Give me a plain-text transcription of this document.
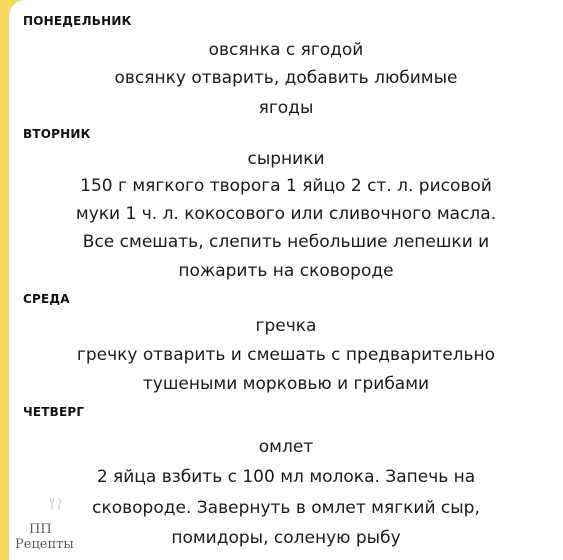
ПОНЕДЕЛЬНИК
овсянка с ягодой
овсянку отварить, добавить любимые
ягоды
ВТОРНИК
сырники
150 г мягкого творога 1 яйцо 2 ст. л. рисовой
муки 1 ч. л. кокосового или сливочного масла.
Все смешать, слепить небольшие лепешки и
пожарить на сковороде
СРЕДА
гречка
гречку отварить и смешать с предварительно
тушеными морковью и грибами
ЧЕТВЕРГ
омлет
2 яйца взбить с 100 мл молока. Запечь на
сковороде. Завернуть в омлет мягкий сыр,
помидоры, соленую рыбу
ПП
Рецепты
